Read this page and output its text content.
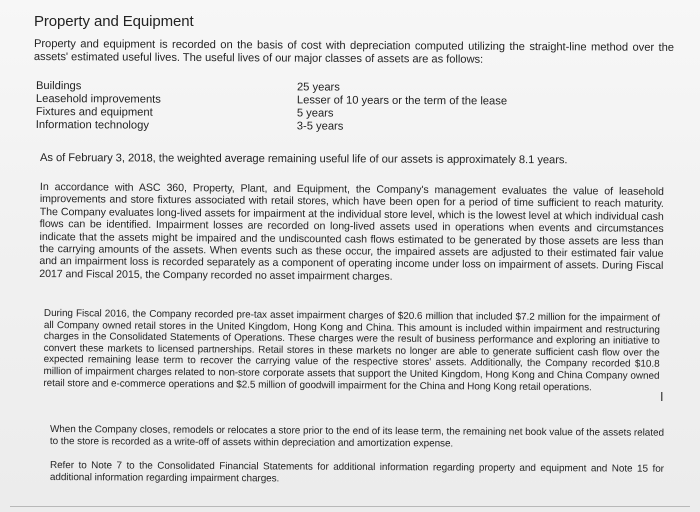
Property and Equipment
Property and equipment is recorded on the basis of cost with depreciation computed utilizing the straight-line method over the assets' estimated useful lives. The useful lives of our major classes of assets are as follows:
Buildings	25 years
Leasehold improvements	Lesser of 10 years or the term of the lease
Fixtures and equipment	5 years
Information technology	3-5 years
As of February 3, 2018, the weighted average remaining useful life of our assets is approximately 8.1 years.
In accordance with ASC 360, Property, Plant, and Equipment, the Company's management evaluates the value of leasehold improvements and store fixtures associated with retail stores, which have been open for a period of time sufficient to reach maturity. The Company evaluates long-lived assets for impairment at the individual store level, which is the lowest level at which individual cash flows can be identified. Impairment losses are recorded on long-lived assets used in operations when events and circumstances indicate that the assets might be impaired and the undiscounted cash flows estimated to be generated by those assets are less than the carrying amounts of the assets. When events such as these occur, the impaired assets are adjusted to their estimated fair value and an impairment loss is recorded separately as a component of operating income under loss on impairment of assets. During Fiscal 2017 and Fiscal 2015, the Company recorded no asset impairment charges.
During Fiscal 2016, the Company recorded pre-tax asset impairment charges of $20.6 million that included $7.2 million for the impairment of all Company owned retail stores in the United Kingdom, Hong Kong and China. This amount is included within impairment and restructuring charges in the Consolidated Statements of Operations. These charges were the result of business performance and exploring an initiative to convert these markets to licensed partnerships. Retail stores in these markets no longer are able to generate sufficient cash flow over the expected remaining lease term to recover the carrying value of the respective stores' assets. Additionally, the Company recorded $10.8 million of impairment charges related to non-store corporate assets that support the United Kingdom, Hong Kong and China Company owned retail store and e-commerce operations and $2.5 million of goodwill impairment for the China and Hong Kong retail operations.
When the Company closes, remodels or relocates a store prior to the end of its lease term, the remaining net book value of the assets related to the store is recorded as a write-off of assets within depreciation and amortization expense.
Refer to Note 7 to the Consolidated Financial Statements for additional information regarding property and equipment and Note 15 for additional information regarding impairment charges.
I
